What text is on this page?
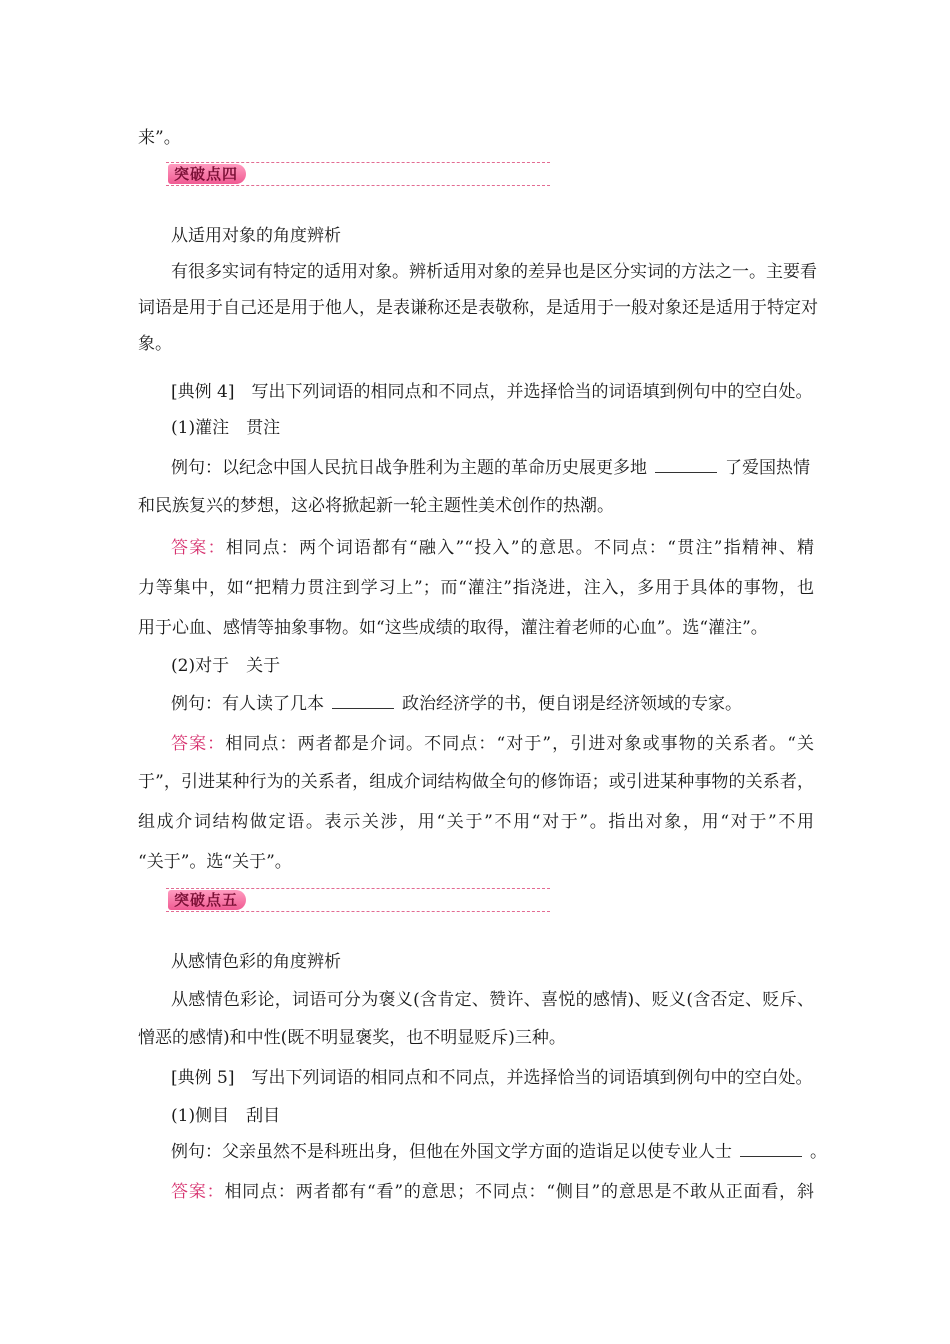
来”。
突破点四
从适用对象的角度辨析
有很多实词有特定的适用对象。辨析适用对象的差异也是区分实词的方法之一。主要看
词语是用于自己还是用于他人，是表谦称还是表敬称，是适用于一般对象还是适用于特定对
象。
[典例 4]　写出下列词语的相同点和不同点，并选择恰当的词语填到例句中的空白处。
(1)灌注　贯注
例句：以纪念中国人民抗日战争胜利为主题的革命历史展更多地	了爱国热情
和民族复兴的梦想，这必将掀起新一轮主题性美术创作的热潮。
答案：相同点：两个词语都有“融入”“投入”的意思。不同点：“贯注”指精神、精
力等集中，如“把精力贯注到学习上”；而“灌注”指浇进，注入，多用于具体的事物，也
用于心血、感情等抽象事物。如“这些成绩的取得，灌注着老师的心血”。选“灌注”。
(2)对于　关于
例句：有人读了几本	政治经济学的书，便自诩是经济领域的专家。
答案：相同点：两者都是介词。不同点：“对于”，引进对象或事物的关系者。“关
于”，引进某种行为的关系者，组成介词结构做全句的修饰语；或引进某种事物的关系者，
组成介词结构做定语。表示关涉，用“关于”不用“对于”。指出对象，用“对于”不用
“关于”。选“关于”。
突破点五
从感情色彩的角度辨析
从感情色彩论，词语可分为褒义(含肯定、赞许、喜悦的感情)、贬义(含否定、贬斥、
憎恶的感情)和中性(既不明显褒奖，也不明显贬斥)三种。
[典例 5]　写出下列词语的相同点和不同点，并选择恰当的词语填到例句中的空白处。
(1)侧目　刮目
例句：父亲虽然不是科班出身，但他在外国文学方面的造诣足以使专业人士	。
答案：相同点：两者都有“看”的意思；不同点：“侧目”的意思是不敢从正面看，斜
